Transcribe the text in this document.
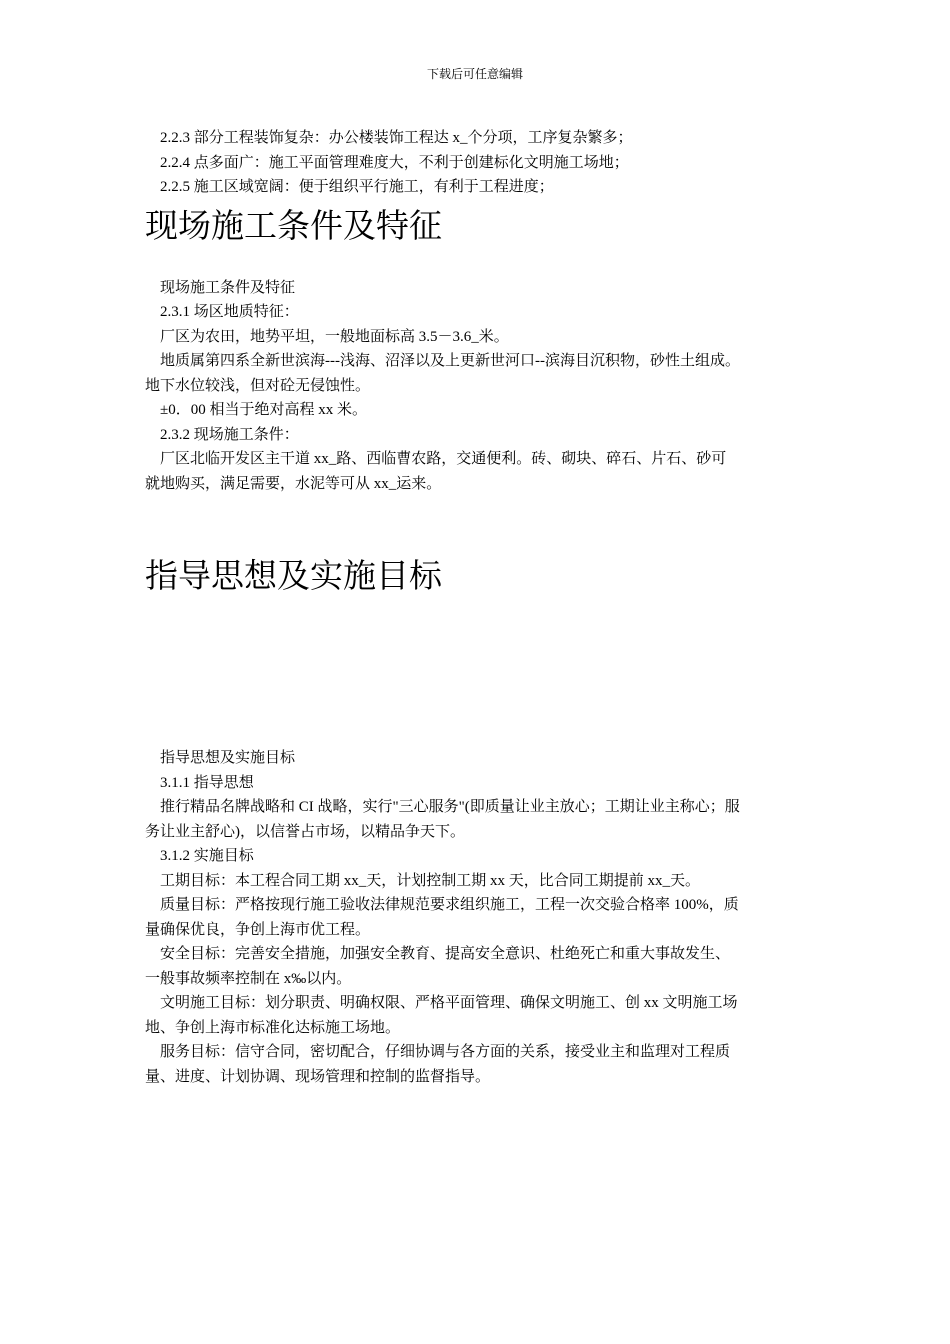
下载后可任意编辑

2.2.3 部分工程装饰复杂：办公楼装饰工程达 x_个分项，工序复杂繁多；

2.2.4 点多面广：施工平面管理难度大，不利于创建标化文明施工场地；

2.2.5 施工区域宽阔：便于组织平行施工，有利于工程进度；

现场施工条件及特征

现场施工条件及特征

2.3.1 场区地质特征：

厂区为农田，地势平坦，一般地面标高 3.5－3.6_米。

地质属第四系全新世滨海---浅海、沼泽以及上更新世河口--滨海目沉积物，砂性土组成。

地下水位较浅，但对砼无侵蚀性。

±0．00 相当于绝对高程 xx 米。

2.3.2 现场施工条件：

厂区北临开发区主干道 xx_路、西临曹农路，交通便利。砖、砌块、碎石、片石、砂可

就地购买，满足需要，水泥等可从 xx_运来。

指导思想及实施目标

指导思想及实施目标

3.1.1 指导思想

推行精品名牌战略和 CI 战略，实行"三心服务"(即质量让业主放心；工期让业主称心；服

务让业主舒心)，以信誉占市场，以精品争天下。

3.1.2 实施目标

工期目标：本工程合同工期 xx_天，计划控制工期 xx 天，比合同工期提前 xx_天。

质量目标：严格按现行施工验收法律规范要求组织施工，工程一次交验合格率 100%，质

量确保优良，争创上海市优工程。

安全目标：完善安全措施，加强安全教育、提高安全意识、杜绝死亡和重大事故发生、

一般事故频率控制在 x‰以内。

文明施工目标：划分职责、明确权限、严格平面管理、确保文明施工、创 xx 文明施工场

地、争创上海市标准化达标施工场地。

服务目标：信守合同，密切配合，仔细协调与各方面的关系，接受业主和监理对工程质

量、进度、计划协调、现场管理和控制的监督指导。
